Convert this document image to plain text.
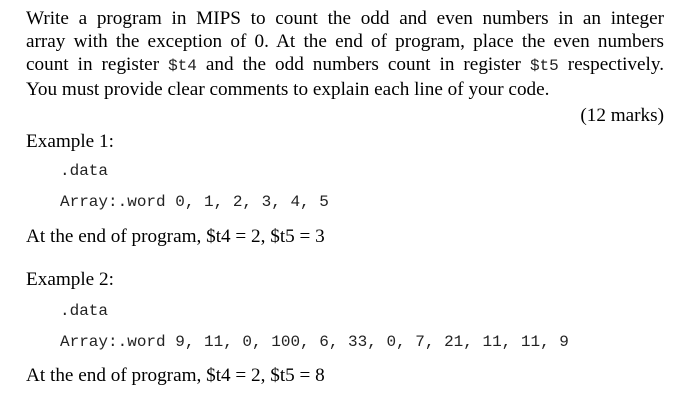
Write a program in MIPS to count the odd and even numbers in an integer
array with the exception of 0. At the end of program, place the even numbers
count in register $t4 and the odd numbers count in register $t5 respectively.
You must provide clear comments to explain each line of your code.
(12 marks)
Example 1:
.data
Array:.word 0, 1, 2, 3, 4, 5
At the end of program, $t4 = 2, $t5 = 3
Example 2:
.data
Array:.word 9, 11, 0, 100, 6, 33, 0, 7, 21, 11, 11, 9
At the end of program, $t4 = 2, $t5 = 8
